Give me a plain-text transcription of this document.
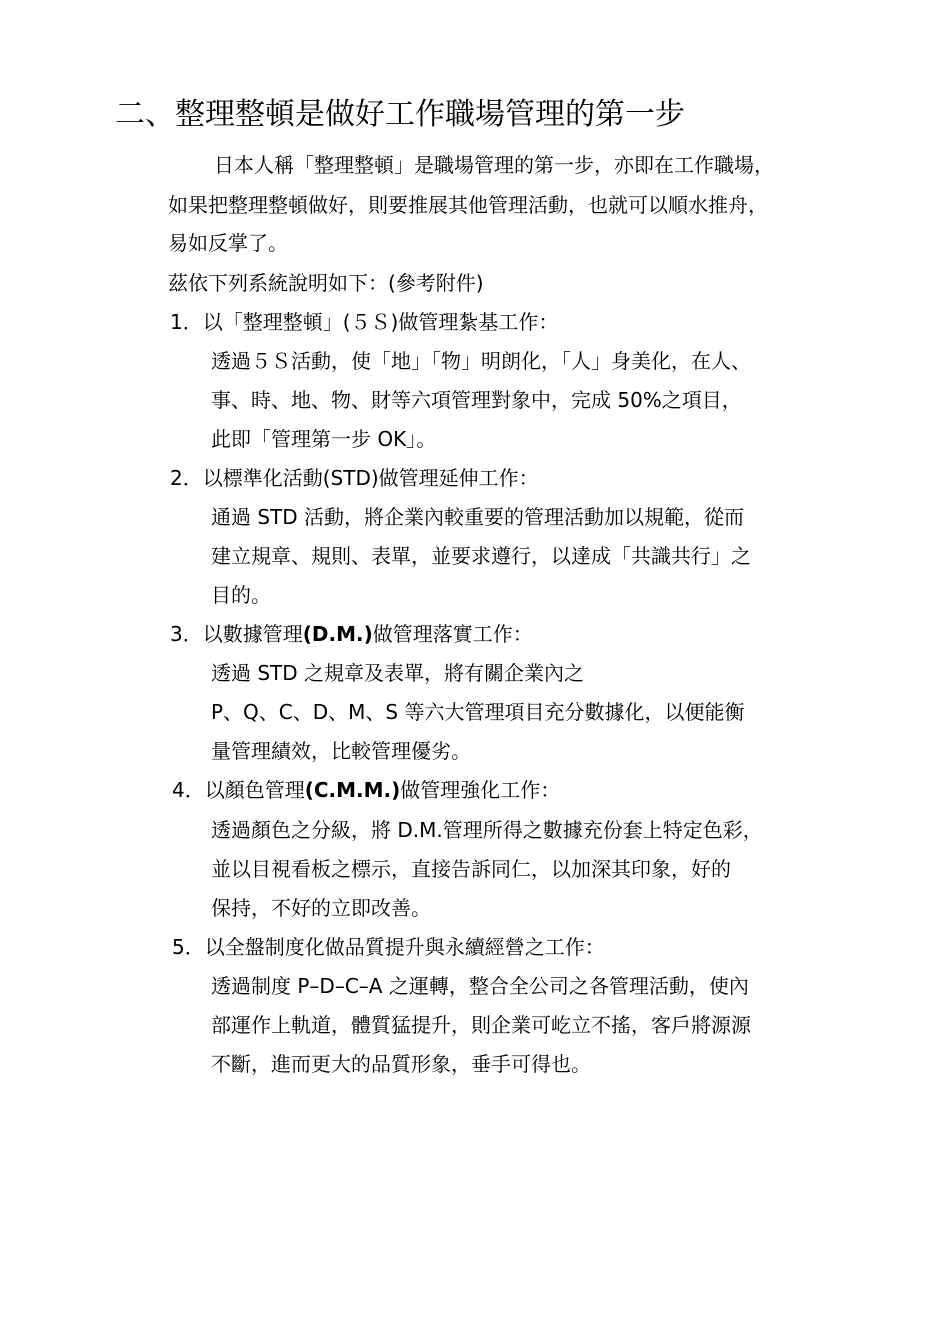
二、整理整頓是做好工作職場管理的第一步
日本人稱「整理整頓」是職場管理的第一步，亦即在工作職場，
如果把整理整頓做好，則要推展其他管理活動，也就可以順水推舟，
易如反掌了。
茲依下列系統說明如下：(參考附件)
1．以「整理整頓」(５Ｓ)做管理紮基工作：
透過５Ｓ活動，使「地」「物」明朗化，「人」身美化，在人、
事、時、地、物、財等六項管理對象中，完成 50%之項目，
此即「管理第一步 OK」。
2．以標準化活動(STD)做管理延伸工作：
通過 STD 活動，將企業內較重要的管理活動加以規範，從而
建立規章、規則、表單，並要求遵行，以達成「共識共行」之
目的。
3．以數據管理(D.M.)做管理落實工作：
透過 STD 之規章及表單，將有關企業內之
P、Q、C、D、M、S 等六大管理項目充分數據化，以便能衡
量管理績效，比較管理優劣。
4．以顏色管理(C.M.M.)做管理強化工作：
透過顏色之分級，將 D.M.管理所得之數據充份套上特定色彩，
並以目視看板之標示，直接告訴同仁，以加深其印象，好的
保持，不好的立即改善。
5．以全盤制度化做品質提升與永續經營之工作：
透過制度 P–D–C–A 之運轉，整合全公司之各管理活動，使內
部運作上軌道，體質猛提升，則企業可屹立不搖，客戶將源源
不斷，進而更大的品質形象，垂手可得也。
